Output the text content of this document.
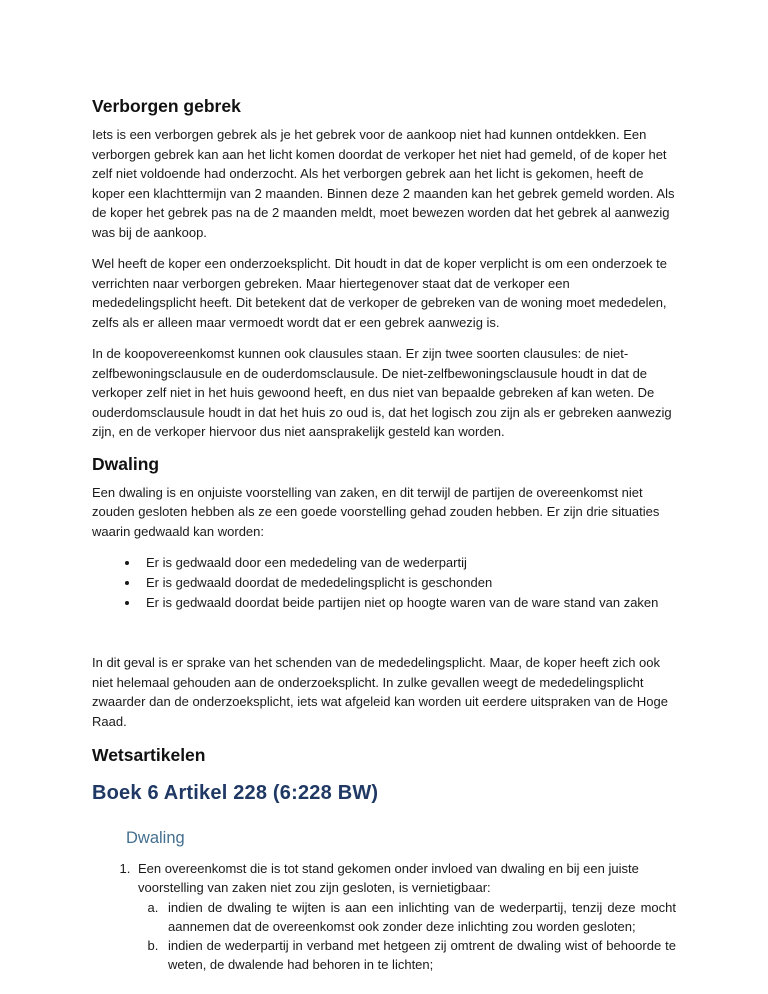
Verborgen gebrek

Iets is een verborgen gebrek als je het gebrek voor de aankoop niet had kunnen ontdekken. Een verborgen gebrek kan aan het licht komen doordat de verkoper het niet had gemeld, of de koper het zelf niet voldoende had onderzocht. Als het verborgen gebrek aan het licht is gekomen, heeft de koper een klachttermijn van 2 maanden. Binnen deze 2 maanden kan het gebrek gemeld worden. Als de koper het gebrek pas na de 2 maanden meldt, moet bewezen worden dat het gebrek al aanwezig was bij de aankoop.

Wel heeft de koper een onderzoeksplicht. Dit houdt in dat de koper verplicht is om een onderzoek te verrichten naar verborgen gebreken. Maar hiertegenover staat dat de verkoper een mededelingsplicht heeft. Dit betekent dat de verkoper de gebreken van de woning moet mededelen, zelfs als er alleen maar vermoedt wordt dat er een gebrek aanwezig is.

In de koopovereenkomst kunnen ook clausules staan. Er zijn twee soorten clausules: de niet-zelfbewoningsclausule en de ouderdomsclausule. De niet-zelfbewoningsclausule houdt in dat de verkoper zelf niet in het huis gewoond heeft, en dus niet van bepaalde gebreken af kan weten. De ouderdomsclausule houdt in dat het huis zo oud is, dat het logisch zou zijn als er gebreken aanwezig zijn, en de verkoper hiervoor dus niet aansprakelijk gesteld kan worden.

Dwaling

Een dwaling is en onjuiste voorstelling van zaken, en dit terwijl de partijen de overeenkomst niet zouden gesloten hebben als ze een goede voorstelling gehad zouden hebben. Er zijn drie situaties waarin gedwaald kan worden:

• Er is gedwaald door een mededeling van de wederpartij
• Er is gedwaald doordat de mededelingsplicht is geschonden
• Er is gedwaald doordat beide partijen niet op hoogte waren van de ware stand van zaken

In dit geval is er sprake van het schenden van de mededelingsplicht. Maar, de koper heeft zich ook niet helemaal gehouden aan de onderzoeksplicht. In zulke gevallen weegt de mededelingsplicht zwaarder dan de onderzoeksplicht, iets wat afgeleid kan worden uit eerdere uitspraken van de Hoge Raad.

Wetsartikelen
Boek 6 Artikel 228 (6:228 BW)
Dwaling
1. Een overeenkomst die is tot stand gekomen onder invloed van dwaling en bij een juiste voorstelling van zaken niet zou zijn gesloten, is vernietigbaar:
a. indien de dwaling te wijten is aan een inlichting van de wederpartij, tenzij deze mocht aannemen dat de overeenkomst ook zonder deze inlichting zou worden gesloten;
b. indien de wederpartij in verband met hetgeen zij omtrent de dwaling wist of behoorde te weten, de dwalende had behoren in te lichten;
